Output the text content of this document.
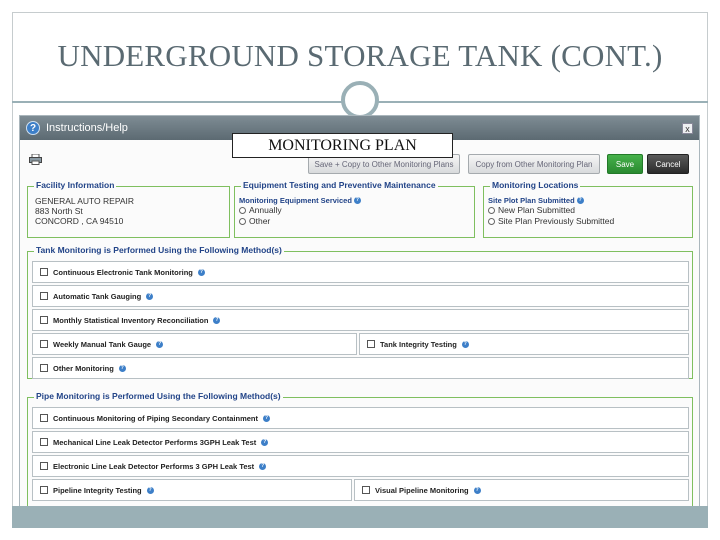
UNDERGROUND STORAGE TANK (CONT.)
? Instructions/Help	x
Save + Copy to Other Monitoring Plans	Copy from Other Monitoring Plan	Save	Cancel
Facility Information
GENERAL AUTO REPAIR
883 North St
CONCORD , CA 94510
Equipment Testing and Preventive Maintenance
Monitoring Equipment Serviced ?
Annually
Other
Monitoring Locations
Site Plot Plan Submitted ?
New Plan Submitted
Site Plan Previously Submitted
Tank Monitoring is Performed Using the Following Method(s)
Continuous Electronic Tank Monitoring	?
Automatic Tank Gauging	?
Monthly Statistical Inventory Reconciliation	?
Weekly Manual Tank Gauge	?	Tank Integrity Testing	?
Other Monitoring	?
Pipe Monitoring is Performed Using the Following Method(s)
Continuous Monitoring of Piping Secondary Containment	?
Mechanical Line Leak Detector Performs 3GPH Leak Test	?
Electronic Line Leak Detector Performs 3 GPH Leak Test	?
Pipeline Integrity Testing	?	Visual Pipeline Monitoring	?
MONITORING PLAN
